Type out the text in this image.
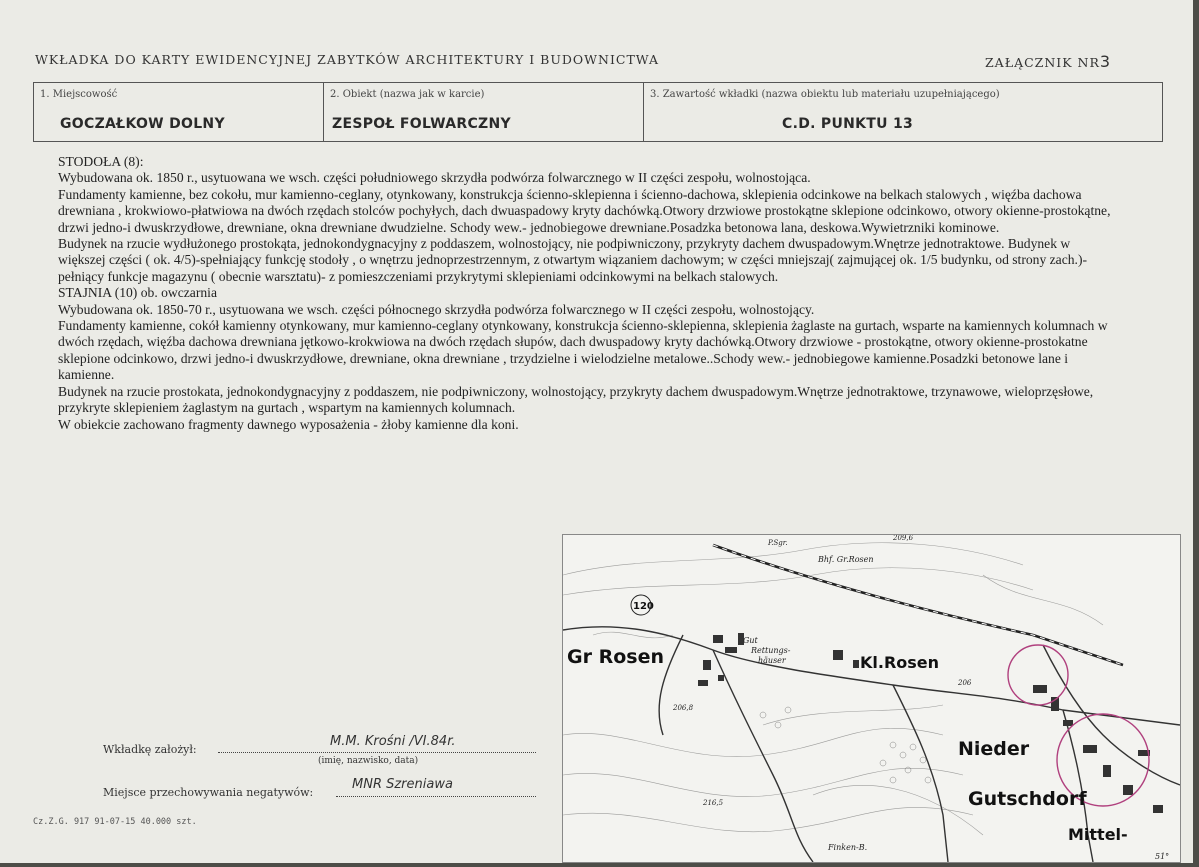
WKŁADKA DO KARTY EWIDENCYJNEJ ZABYTKÓW ARCHITEKTURY I BUDOWNICTWA	ZAŁĄCZNIK NR3
1. Miejscowość
GOCZAŁKOW DOLNY
2. Obiekt (nazwa jak w karcie)
ZESPOŁ FOLWARCZNY
3. Zawartość wkładki (nazwa obiektu lub materiału uzupełniającego)
C.D. PUNKTU 13

STODOŁA (8):

Wybudowana ok. 1850 r., usytuowana we wsch. części południowego skrzydła podwórza folwarcznego w II części zespołu, wolnostojąca.

Fundamenty kamienne, bez cokołu, mur kamienno-ceglany, otynkowany, konstrukcja ścienno-sklepienna i ścienno-dachowa, sklepienia odcinkowe na belkach stalowych , więźba dachowa drewniana , krokwiowo-płatwiowa na dwóch rzędach stolców pochyłych, dach dwuaspadowy kryty dachówką.Otwory drzwiowe prostokątne sklepione odcinkowo, otwory okienne-prostokątne, drzwi jedno-i dwuskrzydłowe, drewniane, okna drewniane dwudzielne. Schody wew.- jednobiegowe drewniane.Posadzka betonowa lana, deskowa.Wywietrzniki kominowe.

Budynek na rzucie wydłużonego prostokąta, jednokondygnacyjny z poddaszem, wolnostojący, nie podpiwniczony, przykryty dachem dwuspadowym.Wnętrze jednotraktowe. Budynek w większej części ( ok. 4/5)-spełniający funkcję stodoły , o wnętrzu jednoprzestrzennym, z otwartym wiązaniem dachowym; w części mniejszaj( zajmującej ok. 1/5 budynku, od strony zach.)-pełniący funkcje magazynu ( obecnie warsztatu)- z pomieszczeniami przykrytymi sklepieniami odcinkowymi na belkach stalowych.

STAJNIA (10) ob. owczarnia

Wybudowana ok. 1850-70 r., usytuowana we wsch. części północnego skrzydła podwórza folwarcznego w II części zespołu, wolnostojący.

Fundamenty kamienne, cokół kamienny otynkowany, mur kamienno-ceglany otynkowany, konstrukcja ścienno-sklepienna, sklepienia żaglaste na gurtach, wsparte na kamiennych kolumnach w dwóch rzędach, więźba dachowa drewniana jętkowo-krokwiowa na dwóch rzędach słupów, dach dwuspadowy kryty dachówką.Otwory drzwiowe - prostokątne, otwory okienne-prostokatne sklepione odcinkowo, drzwi jedno-i dwuskrzydłowe, drewniane, okna drewniane , trzydzielne i wielodzielne metalowe..Schody wew.- jednobiegowe kamienne.Posadzki betonowe lane i kamienne.

Budynek na rzucie prostokata, jednokondygnacyjny z poddaszem, nie podpiwniczony, wolnostojący, przykryty dachem dwuspadowym.Wnętrze jednotraktowe, trzynawowe, wieloprzęsłowe, przykryte sklepieniem żaglastym na gurtach , wspartym na kamiennych kolumnach.

W obiekcie zachowano fragmenty dawnego wyposażenia - żłoby kamienne dla koni.

Wkładkę założył:
M.M. Krośni /VI.84r.
(imię, nazwisko, data)
Miejsce przechowywania negatywów:
MNR Szreniawa
Cz.Z.G. 917 91-07-15 40.000 szt.
120
Gr Rosen	Kl.Rosen
Nieder
Gutschdorf
Mittel-
Bhf. Gr.Rosen
Gut
Rettungs-
häuser
Finken-B.
P.Sgr.
206,8
216,5
209,6
206
51°
